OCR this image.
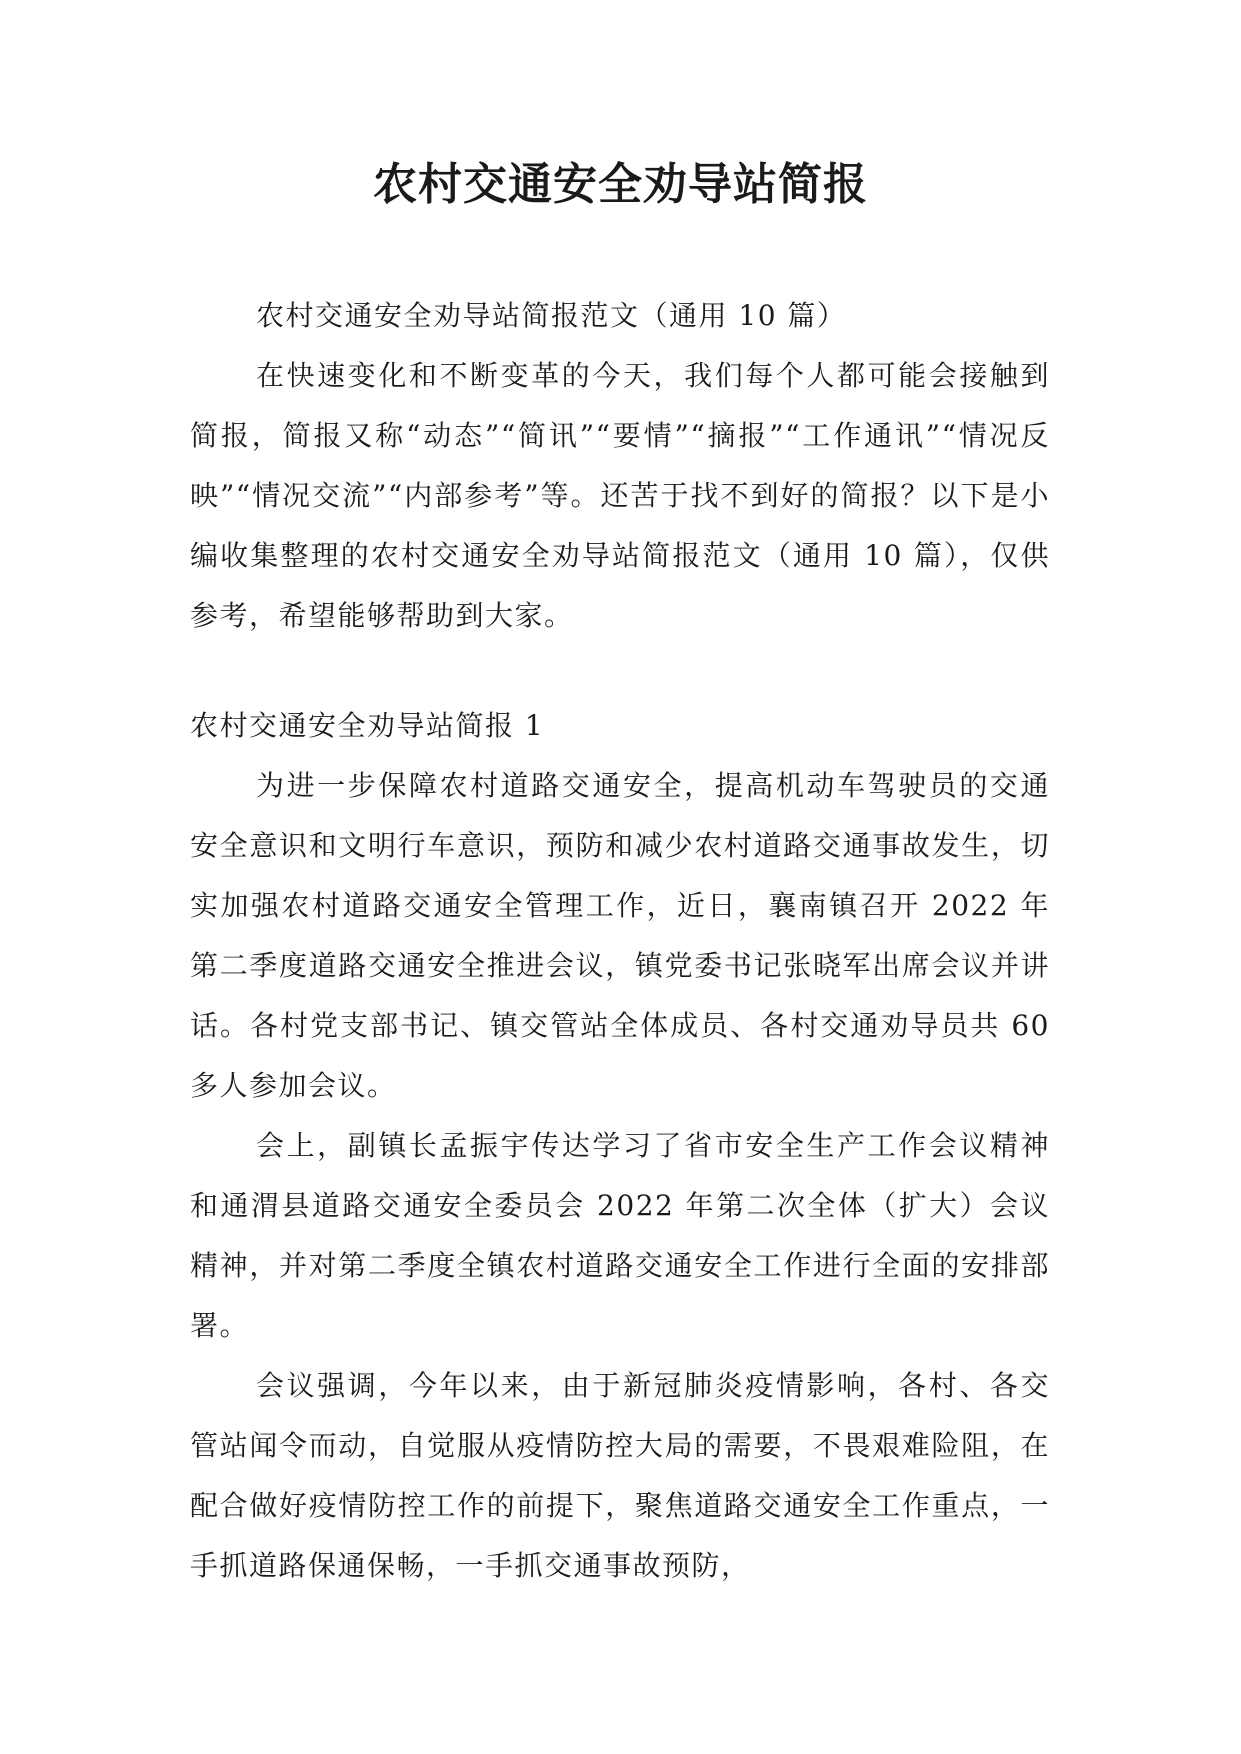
农村交通安全劝导站简报

农村交通安全劝导站简报范文（通用 10 篇）

在快速变化和不断变革的今天，我们每个人都可能会接触到简报，简报又称“动态”“简讯”“要情”“摘报”“工作通讯”“情况反映”“情况交流”“内部参考”等。还苦于找不到好的简报？以下是小编收集整理的农村交通安全劝导站简报范文（通用 10 篇），仅供参考，希望能够帮助到大家。

农村交通安全劝导站简报 1

为进一步保障农村道路交通安全，提高机动车驾驶员的交通安全意识和文明行车意识，预防和减少农村道路交通事故发生，切实加强农村道路交通安全管理工作，近日，襄南镇召开 2022 年第二季度道路交通安全推进会议，镇党委书记张晓军出席会议并讲话。各村党支部书记、镇交管站全体成员、各村交通劝导员共 60 多人参加会议。

会上，副镇长孟振宇传达学习了省市安全生产工作会议精神和通渭县道路交通安全委员会 2022 年第二次全体（扩大）会议精神，并对第二季度全镇农村道路交通安全工作进行全面的安排部署。

会议强调，今年以来，由于新冠肺炎疫情影响，各村、各交管站闻令而动，自觉服从疫情防控大局的需要，不畏艰难险阻，在配合做好疫情防控工作的前提下，聚焦道路交通安全工作重点，一手抓道路保通保畅，一手抓交通事故预防，
